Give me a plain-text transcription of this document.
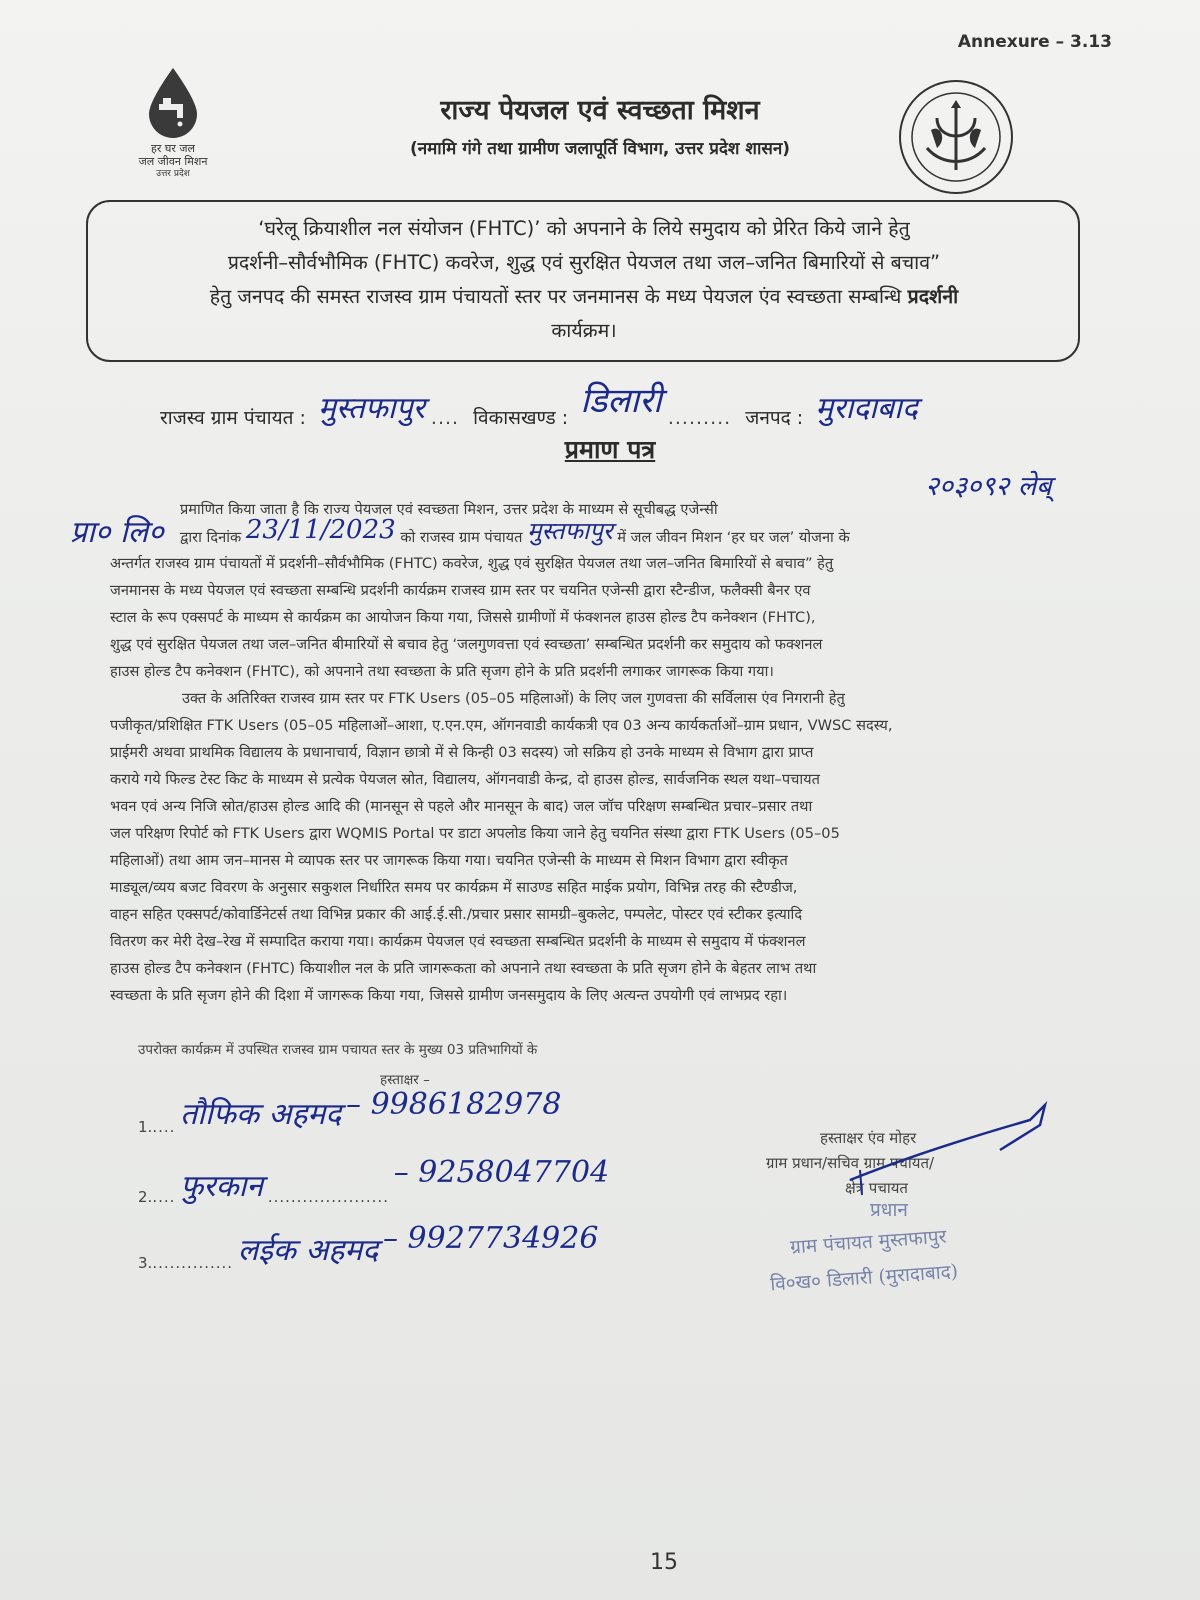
Annexure – 3.13
हर घर जल
जल जीवन मिशन
उत्तर प्रदेश
राज्य पेयजल एवं स्वच्छता मिशन
(नमामि गंगे तथा ग्रामीण जलापूर्ति विभाग, उत्तर प्रदेश शासन)
‘घरेलू क्रियाशील नल संयोजन (FHTC)’ को अपनाने के लिये समुदाय को प्रेरित किये जाने हेतु
प्रदर्शनी–सौर्वभौमिक (FHTC) कवरेज, शुद्ध एवं सुरक्षित पेयजल तथा जल–जनित बिमारियों से बचाव”
हेतु जनपद की समस्त राजस्व ग्राम पंचायतों स्तर पर जनमानस के मध्य पेयजल एंव स्वच्छता सम्बन्धि प्रदर्शनी
कार्यक्रम।
राजस्व ग्राम पंचायत : मुस्तफापुर .... विकासखण्ड : डिलारी ......... जनपद : मुरादाबाद
प्रमाण पत्र
प्रा० लि०
प्रमाणित किया जाता है कि राज्य पेयजल एवं स्वच्छता मिशन, उत्तर प्रदेश के माध्यम से सूचीबद्ध एजेन्सी
२०३०९२ लेब्
द्वारा दिनांक 23/11/2023 को राजस्व ग्राम पंचायत मुस्तफापुर में जल जीवन मिशन ‘हर घर जल’ योजना के
अन्तर्गत राजस्व ग्राम पंचायतों में प्रदर्शनी–सौर्वभौमिक (FHTC) कवरेज, शुद्ध एवं सुरक्षित पेयजल तथा जल–जनित बिमारियों से बचाव” हेतु
जनमानस के मध्य पेयजल एवं स्वच्छता सम्बन्धि प्रदर्शनी कार्यक्रम राजस्व ग्राम स्तर पर चयनित एजेन्सी द्वारा स्टैन्डीज, फलैक्सी बैनर एव
स्टाल के रूप एक्सपर्ट के माध्यम से कार्यक्रम का आयोजन किया गया, जिससे ग्रामीणों में फंक्शनल हाउस होल्ड टैप कनेक्शन (FHTC),
शुद्ध एवं सुरक्षित पेयजल तथा जल–जनित बीमारियों से बचाव हेतु ‘जलगुणवत्ता एवं स्वच्छता’ सम्बन्धित प्रदर्शनी कर समुदाय को फक्शनल
हाउस होल्ड टैप कनेक्शन (FHTC), को अपनाने तथा स्वच्छता के प्रति सृजग होने के प्रति प्रदर्शनी लगाकर जागरूक किया गया।
उक्त के अतिरिक्त राजस्व ग्राम स्तर पर FTK Users (05–05 महिलाओं) के लिए जल गुणवत्ता की सर्विलास एंव निगरानी हेतु
पजीकृत/प्रशिक्षित FTK Users (05–05 महिलाओं–आशा, ए.एन.एम, ऑगनवाडी कार्यकत्री एव 03 अन्य कार्यकर्ताओं–ग्राम प्रधान, VWSC सदस्य,
प्राईमरी अथवा प्राथमिक विद्यालय के प्रधानाचार्य, विज्ञान छात्रो में से किन्ही 03 सदस्य) जो सक्रिय हो उनके माध्यम से विभाग द्वारा प्राप्त
कराये गये फिल्ड टेस्ट किट के माध्यम से प्रत्येक पेयजल स्रोत, विद्यालय, ऑगनवाडी केन्द्र, दो हाउस होल्ड, सार्वजनिक स्थल यथा–पचायत
भवन एवं अन्य निजि स्रोत/हाउस होल्ड आदि की (मानसून से पहले और मानसून के बाद) जल जॉच परिक्षण सम्बन्धित प्रचार–प्रसार तथा
जल परिक्षण रिपोर्ट को FTK Users द्वारा WQMIS Portal पर डाटा अपलोड किया जाने हेतु चयनित संस्था द्वारा FTK Users (05–05
महिलाओं) तथा आम जन–मानस मे व्यापक स्तर पर जागरूक किया गया। चयनित एजेन्सी के माध्यम से मिशन विभाग द्वारा स्वीकृत
माड्यूल/व्यय बजट विवरण के अनुसार सकुशल निर्धारित समय पर कार्यक्रम में साउण्ड सहित माईक प्रयोग, विभिन्न तरह की स्टैण्डीज,
वाहन सहित एक्सपर्ट/कोवार्डिनेटर्स तथा विभिन्न प्रकार की आई.ई.सी./प्रचार प्रसार सामग्री–बुकलेट, पम्पलेट, पोस्टर एवं स्टीकर इत्यादि
वितरण कर मेरी देख–रेख में सम्पादित कराया गया। कार्यक्रम पेयजल एवं स्वच्छता सम्बन्धित प्रदर्शनी के माध्यम से समुदाय में फंक्शनल
हाउस होल्ड टैप कनेक्शन (FHTC) कियाशील नल के प्रति जागरूकता को अपनाने तथा स्वच्छता के प्रति सृजग होने के बेहतर लाभ तथा
स्वच्छता के प्रति सृजग होने की दिशा में जागरूक किया गया, जिससे ग्रामीण जनसमुदाय के लिए अत्यन्त उपयोगी एवं लाभप्रद रहा।
उपरोक्त कार्यक्रम में उपस्थित राजस्व ग्राम पचायत स्तर के मुख्य 03 प्रतिभागियों के
हस्ताक्षर –
1..... तौफिक अहमद – 9986182978
2..... फुरकान ..................... – 9258047704
3............... लईक अहमद – 9927734926
हस्ताक्षर एंव मोहर
ग्राम प्रधान/सचिव ग्राम पचायत/
क्षेत्र पचायत
प्रधान
ग्राम पंचायत मुस्तफापुर
वि०ख० डिलारी (मुरादाबाद)
15
